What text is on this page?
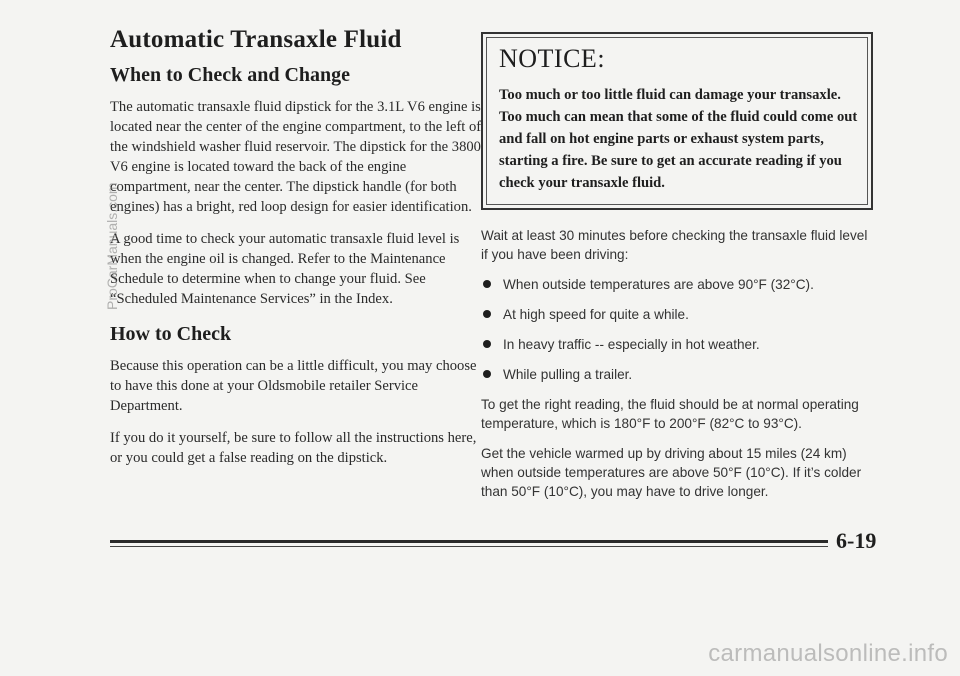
Automatic Transaxle Fluid
When to Check and Change

The automatic transaxle fluid dipstick for the 3.1L V6 engine is located near the center of the engine compartment, to the left of the windshield washer fluid reservoir. The dipstick for the 3800 V6 engine is located toward the back of the engine compartment, near the center. The dipstick handle (for both engines) has a bright, red loop design for easier identification.

A good time to check your automatic transaxle fluid level is when the engine oil is changed. Refer to the Maintenance Schedule to determine when to change your fluid. See “Scheduled Maintenance Services” in the Index.

How to Check

Because this operation can be a little difficult, you may choose to have this done at your Oldsmobile retailer Service Department.

If you do it yourself, be sure to follow all the instructions here, or you could get a false reading on the dipstick.

NOTICE:

Too much or too little fluid can damage your transaxle. Too much can mean that some of the fluid could come out and fall on hot engine parts or exhaust system parts, starting a fire. Be sure to get an accurate reading if you check your transaxle fluid.

Wait at least 30 minutes before checking the transaxle fluid level if you have been driving:

When outside temperatures are above 90°F (32°C).
At high speed for quite a while.
In heavy traffic -- especially in hot weather.
While pulling a trailer.

To get the right reading, the fluid should be at normal operating temperature, which is 180°F to 200°F (82°C to 93°C).

Get the vehicle warmed up by driving about 15 miles (24 km) when outside temperatures are above 50°F (10°C). If it’s colder than 50°F (10°C), you may have to drive longer.

6-19
ProCarManuals.com
carmanualsonline.info
